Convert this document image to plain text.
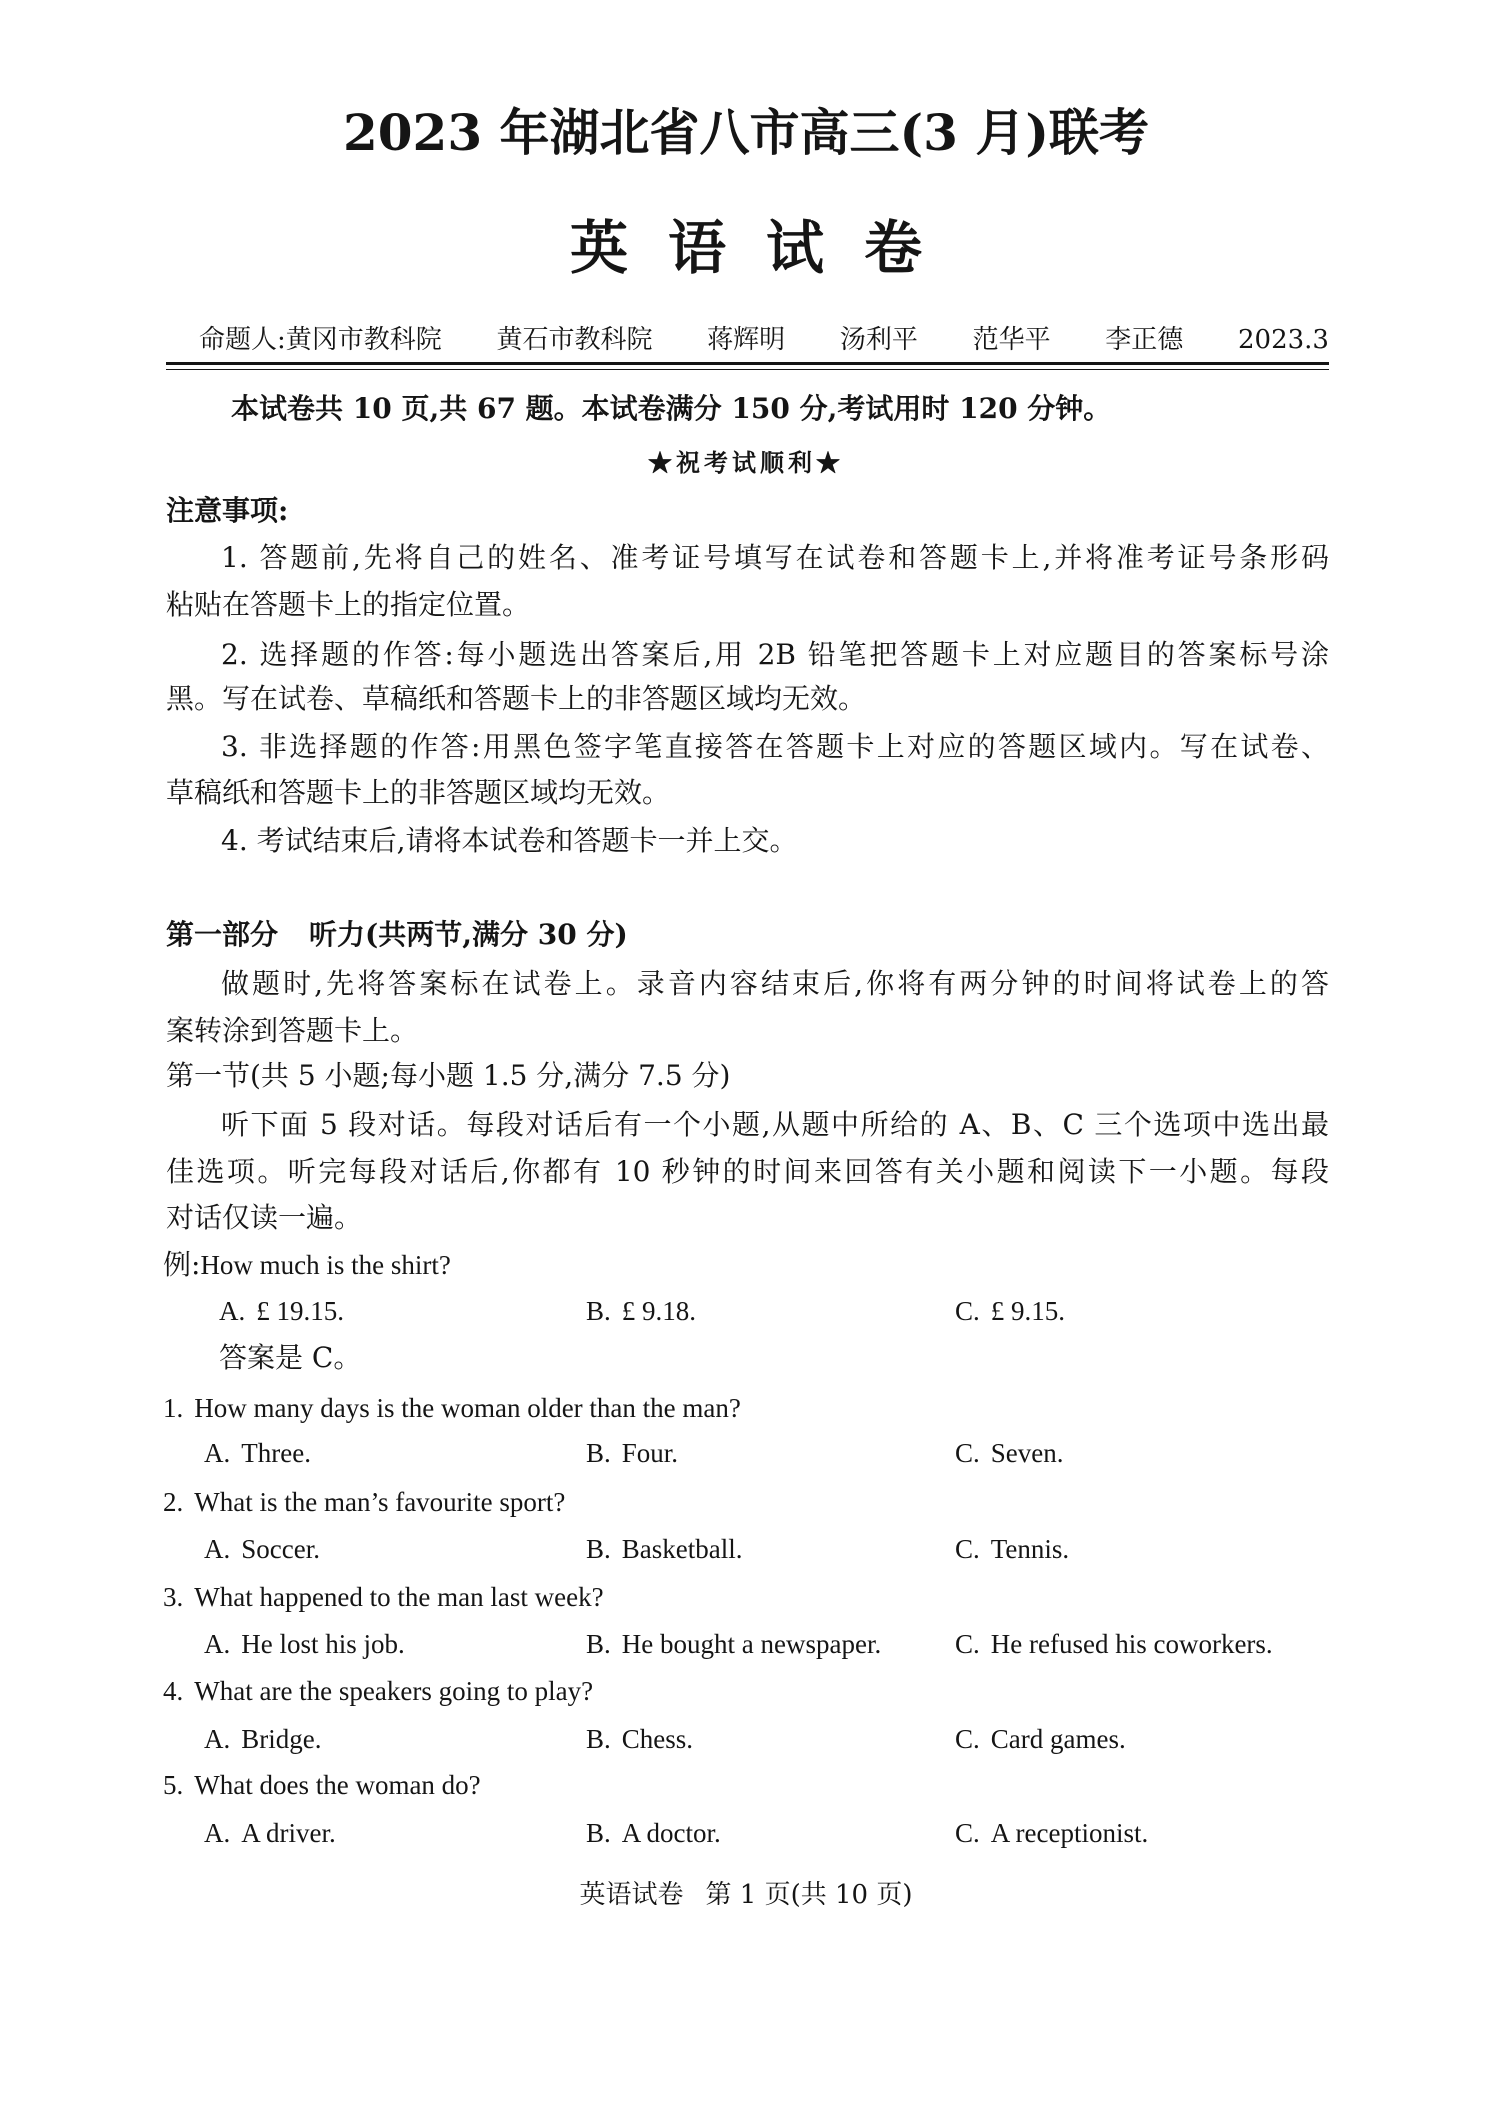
2023 年湖北省八市高三(3 月)联考
英语试卷
命题人:黄冈市教科院 黄石市教科院 蒋辉明 汤利平 范华平 李正德 2023.3
本试卷共 10 页,共 67 题。本试卷满分 150 分,考试用时 120 分钟。
★祝考试顺利★
注意事项:
1. 答题前,先将自己的姓名、准考证号填写在试卷和答题卡上,并将准考证号条形码
粘贴在答题卡上的指定位置。
2. 选择题的作答:每小题选出答案后,用 2B 铅笔把答题卡上对应题目的答案标号涂
黑。写在试卷、草稿纸和答题卡上的非答题区域均无效。
3. 非选择题的作答:用黑色签字笔直接答在答题卡上对应的答题区域内。写在试卷、
草稿纸和答题卡上的非答题区域均无效。
4. 考试结束后,请将本试卷和答题卡一并上交。
第一部分 听力(共两节,满分 30 分)
做题时,先将答案标在试卷上。录音内容结束后,你将有两分钟的时间将试卷上的答
案转涂到答题卡上。
第一节(共 5 小题;每小题 1.5 分,满分 7.5 分)
听下面 5 段对话。每段对话后有一个小题,从题中所给的 A、B、C 三个选项中选出最
佳选项。听完每段对话后,你都有 10 秒钟的时间来回答有关小题和阅读下一小题。每段
对话仅读一遍。
例:How much is the shirt?
A. £ 19.15.	B. £ 9.18.	C. £ 9.15.
答案是 C。
1. How many days is the woman older than the man?
A. Three.	B. Four.	C. Seven.
2. What is the man’s favourite sport?
A. Soccer.	B. Basketball.	C. Tennis.
3. What happened to the man last week?
A. He lost his job.	B. He bought a newspaper.	C. He refused his coworkers.
4. What are the speakers going to play?
A. Bridge.	B. Chess.	C. Card games.
5. What does the woman do?
A. A driver.	B. A doctor.	C. A receptionist.
英语试卷 第 1 页(共 10 页)
